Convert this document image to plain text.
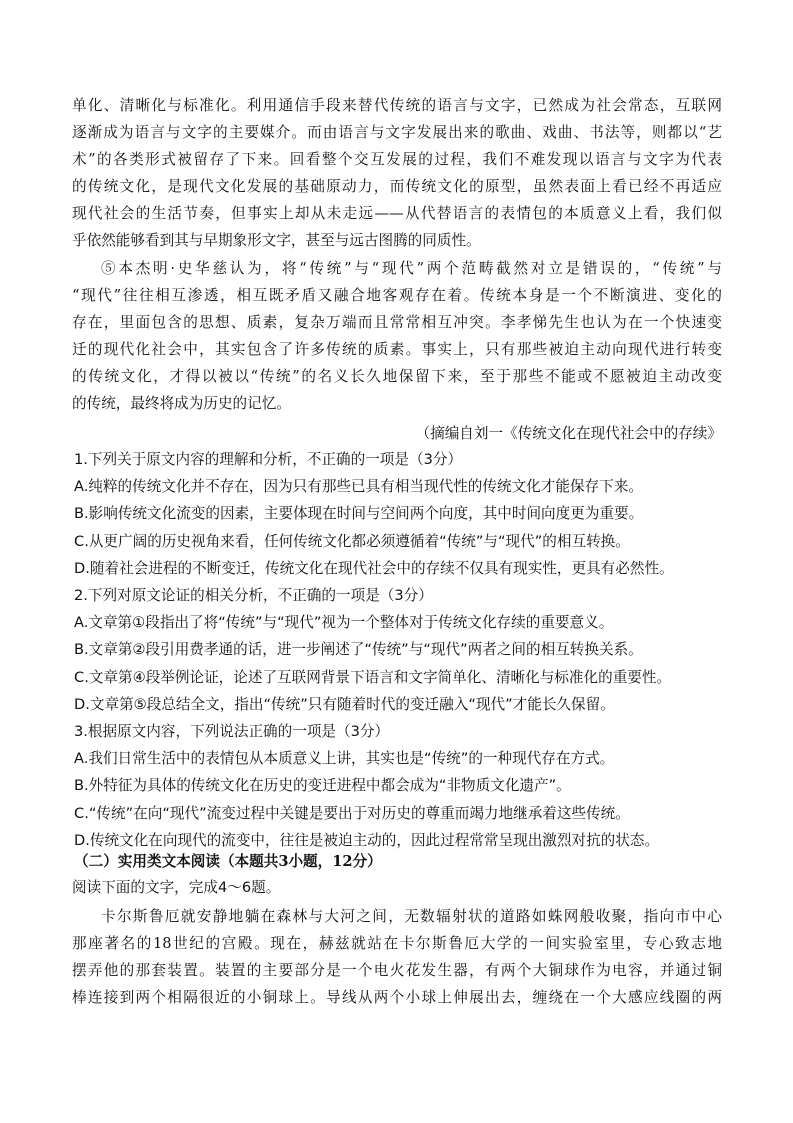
单化、清晰化与标准化。利用通信手段来替代传统的语言与文字，已然成为社会常态，互联网

逐渐成为语言与文字的主要媒介。而由语言与文字发展出来的歌曲、戏曲、书法等，则都以“艺

术”的各类形式被留存了下来。回看整个交互发展的过程，我们不难发现以语言与文字为代表

的传统文化，是现代文化发展的基础原动力，而传统文化的原型，虽然表面上看已经不再适应

现代社会的生活节奏，但事实上却从未走远——从代替语言的表情包的本质意义上看，我们似

乎依然能够看到其与早期象形文字，甚至与远古图腾的同质性。

⑤本杰明·史华慈认为，将“传统”与“现代”两个范畴截然对立是错误的，“传统”与

“现代”往往相互渗透，相互既矛盾又融合地客观存在着。传统本身是一个不断演进、变化的

存在，里面包含的思想、质素，复杂万端而且常常相互冲突。李孝悌先生也认为在一个快速变

迁的现代化社会中，其实包含了许多传统的质素。事实上，只有那些被迫主动向现代进行转变

的传统文化，才得以被以“传统”的名义长久地保留下来，至于那些不能或不愿被迫主动改变

的传统，最终将成为历史的记忆。

（摘编自刘一《传统文化在现代社会中的存续》

1.下列关于原文内容的理解和分析，不正确的一项是（3分）

A.纯粹的传统文化并不存在，因为只有那些已具有相当现代性的传统文化才能保存下来。

B.影响传统文化流变的因素，主要体现在时间与空间两个向度，其中时间向度更为重要。

C.从更广阔的历史视角来看，任何传统文化都必须遵循着“传统”与“现代”的相互转换。

D.随着社会进程的不断变迁，传统文化在现代社会中的存续不仅具有现实性，更具有必然性。

2.下列对原文论证的相关分析，不正确的一项是（3分）

A.文章第①段指出了将“传统”与“现代”视为一个整体对于传统文化存续的重要意义。

B.文章第②段引用费孝通的话，进一步阐述了“传统”与“现代”两者之间的相互转换关系。

C.文章第④段举例论证，论述了互联网背景下语言和文字简单化、清晰化与标准化的重要性。

D.文章第⑤段总结全文，指出“传统”只有随着时代的变迁融入“现代”才能长久保留。

3.根据原文内容，下列说法正确的一项是（3分）

A.我们日常生活中的表情包从本质意义上讲，其实也是“传统”的一种现代存在方式。

B.外特征为具体的传统文化在历史的变迁进程中都会成为“非物质文化遗产”。

C.“传统”在向“现代”流变过程中关键是要出于对历史的尊重而竭力地继承着这些传统。

D.传统文化在向现代的流变中，往往是被迫主动的，因此过程常常呈现出激烈对抗的状态。

（二）实用类文本阅读（本题共3小题，12分）

阅读下面的文字，完成4～6题。

卡尔斯鲁厄就安静地躺在森林与大河之间，无数辐射状的道路如蛛网般收聚，指向市中心

那座著名的18世纪的宫殿。现在，赫兹就站在卡尔斯鲁厄大学的一间实验室里，专心致志地

摆弄他的那套装置。装置的主要部分是一个电火花发生器，有两个大铜球作为电容，并通过铜

棒连接到两个相隔很近的小铜球上。导线从两个小球上伸展出去，缠绕在一个大感应线圈的两
